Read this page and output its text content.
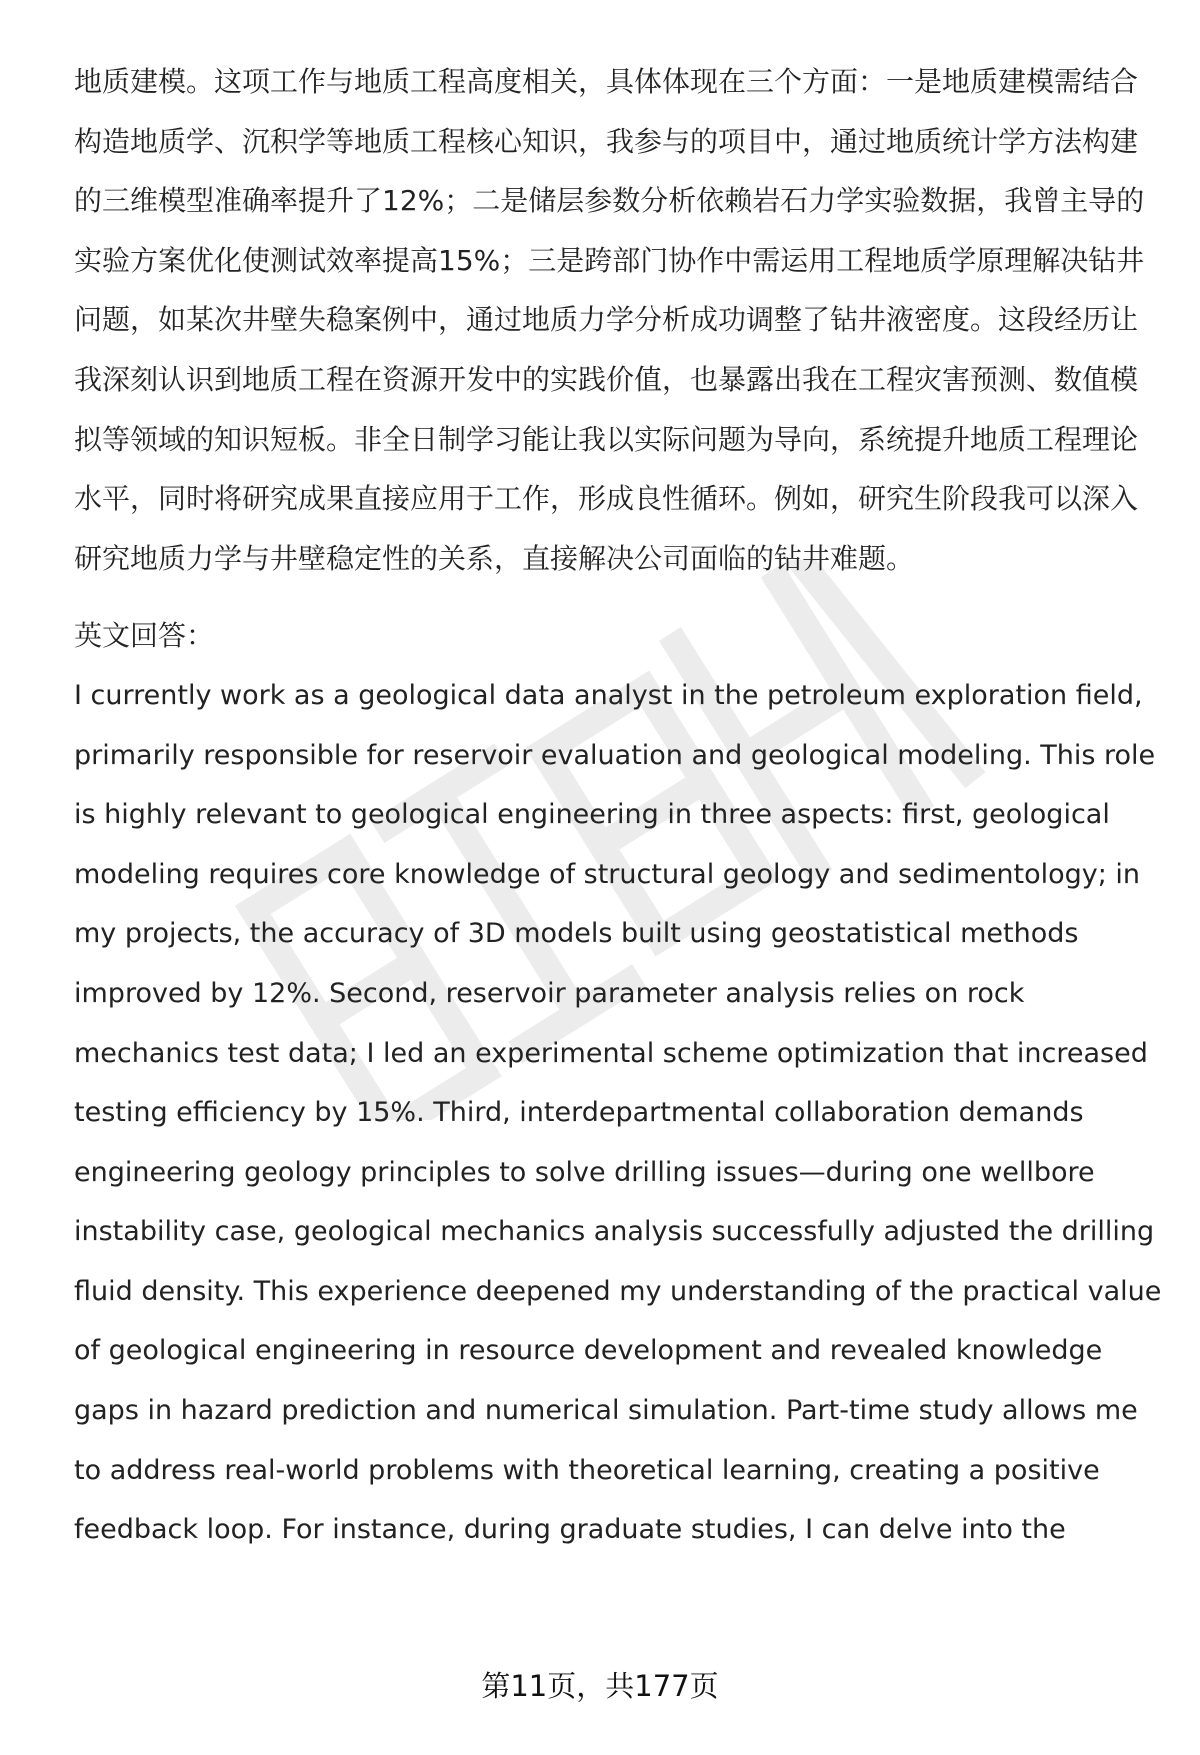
地质建模。这项工作与地质工程高度相关，具体体现在三个方面：一是地质建模需结合构造地质学、沉积学等地质工程核心知识，我参与的项目中，通过地质统计学方法构建的三维模型准确率提升了12%；二是储层参数分析依赖岩石力学实验数据，我曾主导的实验方案优化使测试效率提高15%；三是跨部门协作中需运用工程地质学原理解决钻井问题，如某次井壁失稳案例中，通过地质力学分析成功调整了钻井液密度。这段经历让我深刻认识到地质工程在资源开发中的实践价值，也暴露出我在工程灾害预测、数值模拟等领域的知识短板。非全日制学习能让我以实际问题为导向，系统提升地质工程理论水平，同时将研究成果直接应用于工作，形成良性循环。例如，研究生阶段我可以深入研究地质力学与井壁稳定性的关系，直接解决公司面临的钻井难题。

英文回答：

I currently work as a geological data analyst in the petroleum exploration field, primarily responsible for reservoir evaluation and geological modeling. This role is highly relevant to geological engineering in three aspects: first, geological modeling requires core knowledge of structural geology and sedimentology; in my projects, the accuracy of 3D models built using geostatistical methods improved by 12%. Second, reservoir parameter analysis relies on rock mechanics test data; I led an experimental scheme optimization that increased testing efficiency by 15%. Third, interdepartmental collaboration demands engineering geology principles to solve drilling issues—during one wellbore instability case, geological mechanics analysis successfully adjusted the drilling fluid density. This experience deepened my understanding of the practical value of geological engineering in resource development and revealed knowledge gaps in hazard prediction and numerical simulation. Part-time study allows me to address real-world problems with theoretical learning, creating a positive feedback loop. For instance, during graduate studies, I can delve into the

第11页，共177页
